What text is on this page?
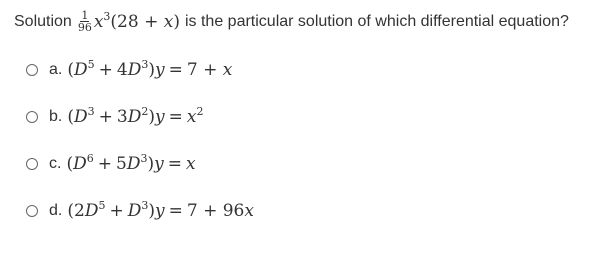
Solution $\frac{1}{96} x^3(28 + x)$ is the particular solution of which differential equation?
a. $(D^5 + 4D^3)y = 7 + x$
b. $(D^3 + 3D^2)y = x^2$
c. $(D^6 + 5D^3)y = x$
d. $(2D^5 + D^3)y = 7 + 96x$
